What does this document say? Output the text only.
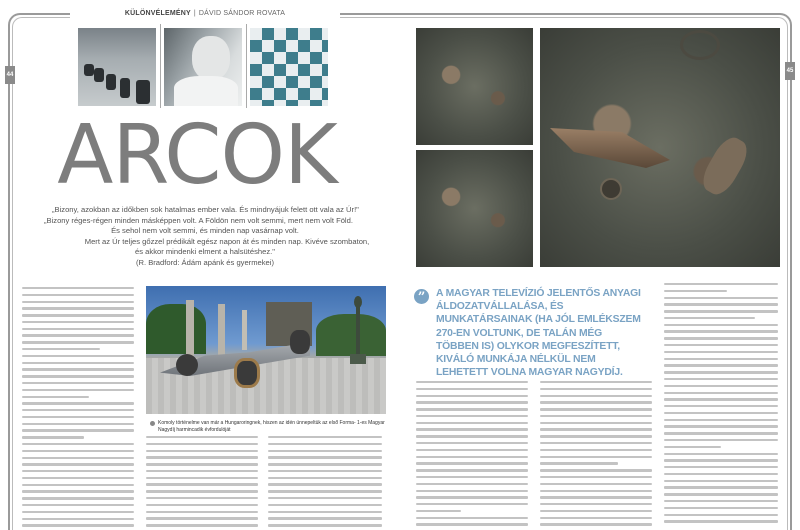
KÜLÖNVÉLEMÉNY | DÁVID SÁNDOR ROVATA
44
45
ARCOK
„Bizony, azokban az időkben sok hatalmas ember vala. És mindnyájuk felett ott vala az Úr!"
„Bizony réges-régen minden másképpen volt. A Földön nem volt semmi, mert nem volt Föld.
És sehol nem volt semmi, és minden nap vasárnap volt.
Mert az Úr teljes gőzzel prédikált egész napon át és minden nap. Kivéve szombaton,
és akkor mindenki elment a halsütéshez."
(R. Bradford: Ádám apánk és gyermekei)
Komoly történelme van már a Hungaroringnek, hiszen az idén ünnepeltük az első Forma- 1-es Magyar Nagydíj harmincadik évfordulóját
”	A MAGYAR TELEVÍZIÓ JELENTŐS ANYAGI ÁLDOZATVÁLLALÁSA, ÉS MUNKATÁRSAINAK (HA JÓL EMLÉKSZEM 270-EN VOLTUNK, DE TALÁN MÉG TÖBBEN IS) OLYKOR MEGFESZÍTETT, KIVÁLÓ MUNKÁJA NÉLKÜL NEM LEHETETT VOLNA MAGYAR NAGYDÍJ.
